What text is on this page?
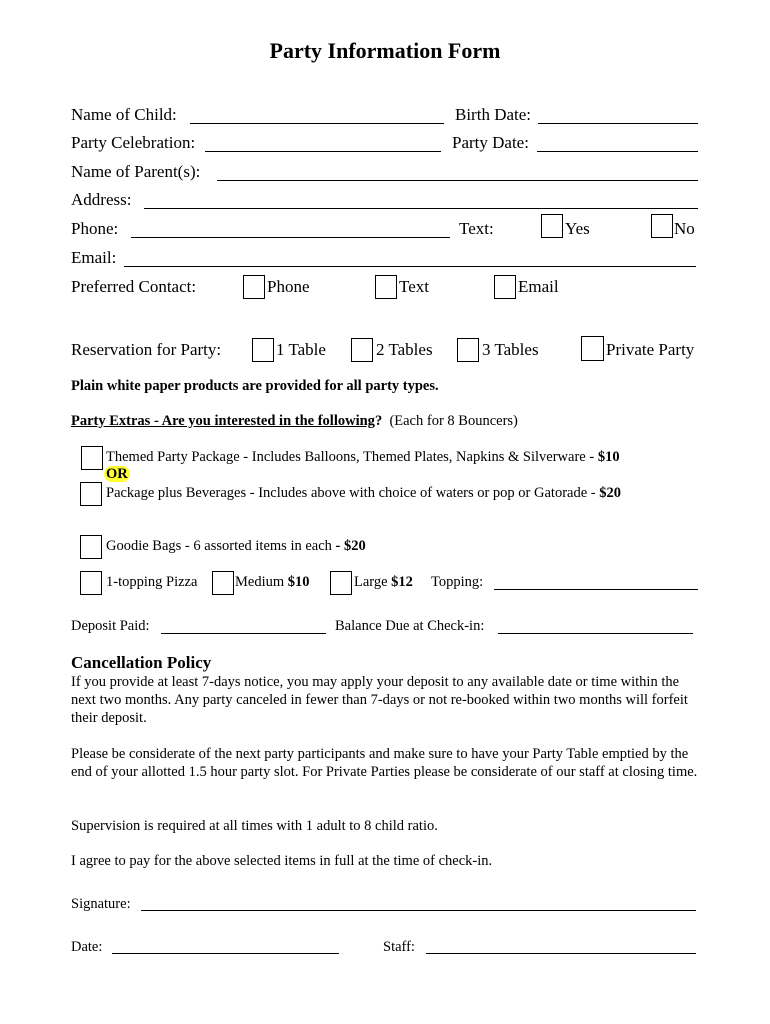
Party Information Form
Name of Child:	Birth Date:
Party Celebration:	Party Date:
Name of Parent(s):
Address:
Phone:	Text:	Yes	No
Email:
Preferred Contact:	Phone	Text	Email
Reservation for Party:	1 Table	2 Tables	3 Tables	Private Party
Plain white paper products are provided for all party types.
Party Extras - Are you interested in the following? (Each for 8 Bouncers)
Themed Party Package - Includes Balloons, Themed Plates, Napkins & Silverware - $10
OR
Package plus Beverages - Includes above with choice of waters or pop or Gatorade - $20
Goodie Bags - 6 assorted items in each - $20
1-topping Pizza	Medium $10	Large $12 Topping:
Deposit Paid:	Balance Due at Check-in:
Cancellation Policy
If you provide at least 7-days notice, you may apply your deposit to any available date or time within the next two months. Any party canceled in fewer than 7-days or not re-booked within two months will forfeit their deposit.
Please be considerate of the next party participants and make sure to have your Party Table emptied by the end of your allotted 1.5 hour party slot. For Private Parties please be considerate of our staff at closing time.
Supervision is required at all times with 1 adult to 8 child ratio.
I agree to pay for the above selected items in full at the time of check-in.
Signature:
Date:	Staff:
